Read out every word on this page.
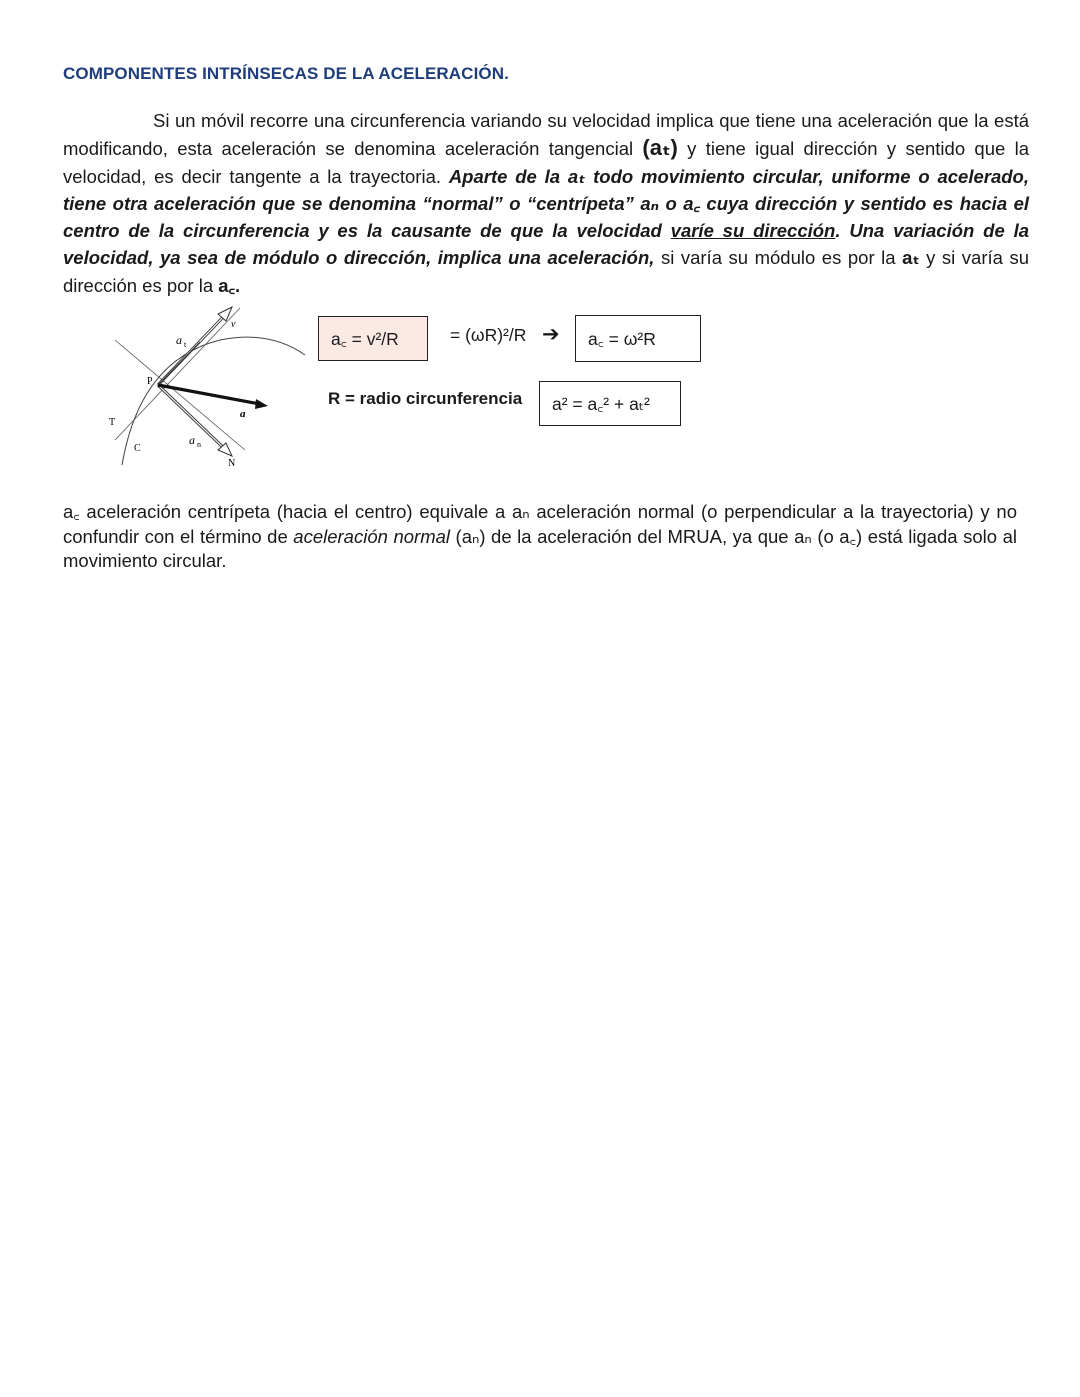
COMPONENTES INTRÍNSECAS DE LA ACELERACIÓN.
Si un móvil recorre una circunferencia variando su velocidad implica que tiene una aceleración que la está modificando, esta aceleración se denomina aceleración tangencial (aₜ) y tiene igual dirección y sentido que la velocidad, es decir tangente a la trayectoria. Aparte de la aₜ todo movimiento circular, uniforme o acelerado, tiene otra aceleración que se denomina “normal” o “centrípeta” aₙ o a꜀ cuya dirección y sentido es hacia el centro de la circunferencia y es la causante de que la velocidad varíe su dirección. Una variación de la velocidad, ya sea de módulo o dirección, implica una aceleración, si varía su módulo es por la aₜ y si varía su dirección es por la a꜀.
a t
v
P
a
T
C
a n
N
a꜀ = v²/R	= (ωR)²/R ➔	a꜀ = ω²R
R = radio circunferencia	a² = a꜀² + aₜ²
a꜀ aceleración centrípeta (hacia el centro) equivale a aₙ aceleración normal (o perpendicular a la trayectoria) y no confundir con el término de aceleración normal (aₙ) de la aceleración del MRUA, ya que aₙ (o a꜀) está ligada solo al movimiento circular.
